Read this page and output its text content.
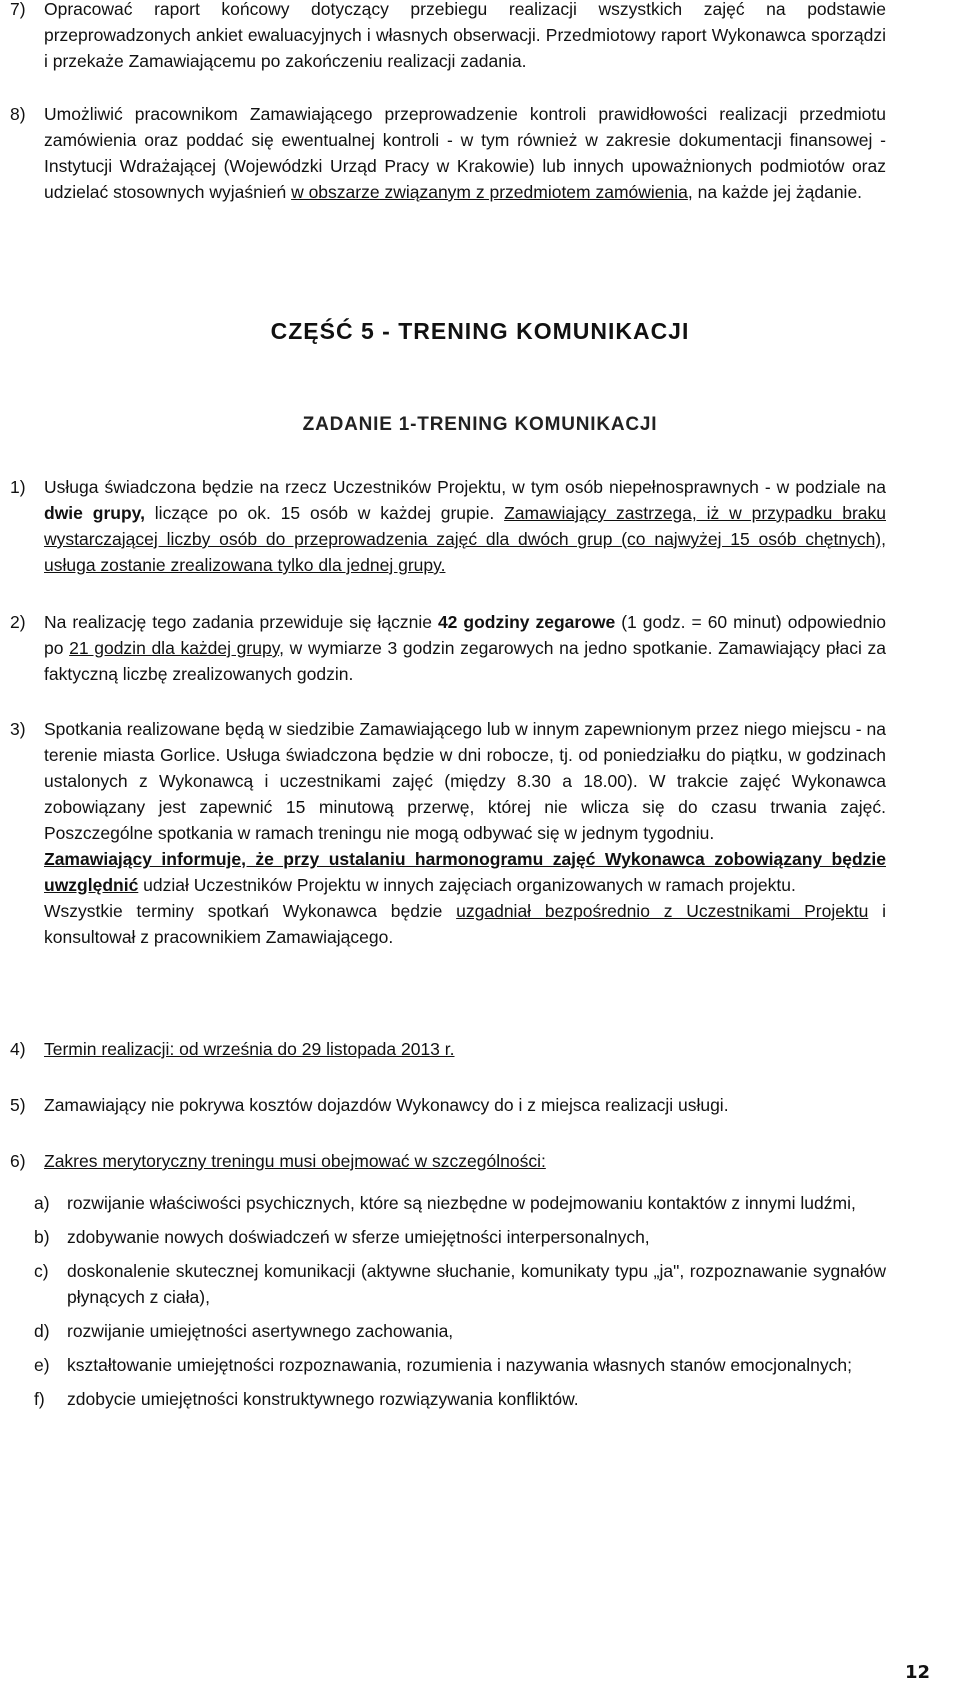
7)	Opracować raport końcowy dotyczący przebiegu realizacji wszystkich zajęć na podstawie przeprowadzonych ankiet ewaluacyjnych i własnych obserwacji. Przedmiotowy raport Wykonawca sporządzi i przekaże Zamawiającemu po zakończeniu realizacji zadania.
8)	Umożliwić pracownikom Zamawiającego przeprowadzenie kontroli prawidłowości realizacji przedmiotu zamówienia oraz poddać się ewentualnej kontroli - w tym również w zakresie dokumentacji finansowej - Instytucji Wdrażającej (Wojewódzki Urząd Pracy w Krakowie) lub innych upoważnionych podmiotów oraz udzielać stosownych wyjaśnień w obszarze związanym z przedmiotem zamówienia, na każde jej żądanie.
CZĘŚĆ 5 - TRENING KOMUNIKACJI
ZADANIE 1-TRENING KOMUNIKACJI
1)	Usługa świadczona będzie na rzecz Uczestników Projektu, w tym osób niepełnosprawnych - w podziale na dwie grupy, liczące po ok. 15 osób w każdej grupie. Zamawiający zastrzega, iż w przypadku braku wystarczającej liczby osób do przeprowadzenia zajęć dla dwóch grup (co najwyżej 15 osób chętnych), usługa zostanie zrealizowana tylko dla jednej grupy.
2)	Na realizację tego zadania przewiduje się łącznie 42 godziny zegarowe (1 godz. = 60 minut) odpowiednio po 21 godzin dla każdej grupy, w wymiarze 3 godzin zegarowych na jedno spotkanie. Zamawiający płaci za faktyczną liczbę zrealizowanych godzin.
3)	Spotkania realizowane będą w siedzibie Zamawiającego lub w innym zapewnionym przez niego miejscu - na terenie miasta Gorlice. Usługa świadczona będzie w dni robocze, tj. od poniedziałku do piątku, w godzinach ustalonych z Wykonawcą i uczestnikami zajęć (między 8.30 a 18.00). W trakcie zajęć Wykonawca zobowiązany jest zapewnić 15 minutową przerwę, której nie wlicza się do czasu trwania zajęć. Poszczególne spotkania w ramach treningu nie mogą odbywać się w jednym tygodniu.

Zamawiający informuje, że przy ustalaniu harmonogramu zajęć Wykonawca zobowiązany będzie uwzględnić udział Uczestników Projektu w innych zajęciach organizowanych w ramach projektu.

Wszystkie terminy spotkań Wykonawca będzie uzgadniał bezpośrednio z Uczestnikami Projektu i konsultował z pracownikiem Zamawiającego.

4)	Termin realizacji: od września do 29 listopada 2013 r.
5)	Zamawiający nie pokrywa kosztów dojazdów Wykonawcy do i z miejsca realizacji usługi.
6)	Zakres merytoryczny treningu musi obejmować w szczególności:
a) rozwijanie właściwości psychicznych, które są niezbędne w podejmowaniu kontaktów z innymi ludźmi,
b) zdobywanie nowych doświadczeń w sferze umiejętności interpersonalnych,
c)	doskonalenie skutecznej komunikacji (aktywne słuchanie, komunikaty typu „ja", rozpoznawanie sygnałów płynących z ciała),
d) rozwijanie umiejętności asertywnego zachowania,
e) kształtowanie umiejętności rozpoznawania, rozumienia i nazywania własnych stanów emocjonalnych;
f)	zdobycie umiejętności konstruktywnego rozwiązywania konfliktów.
12
